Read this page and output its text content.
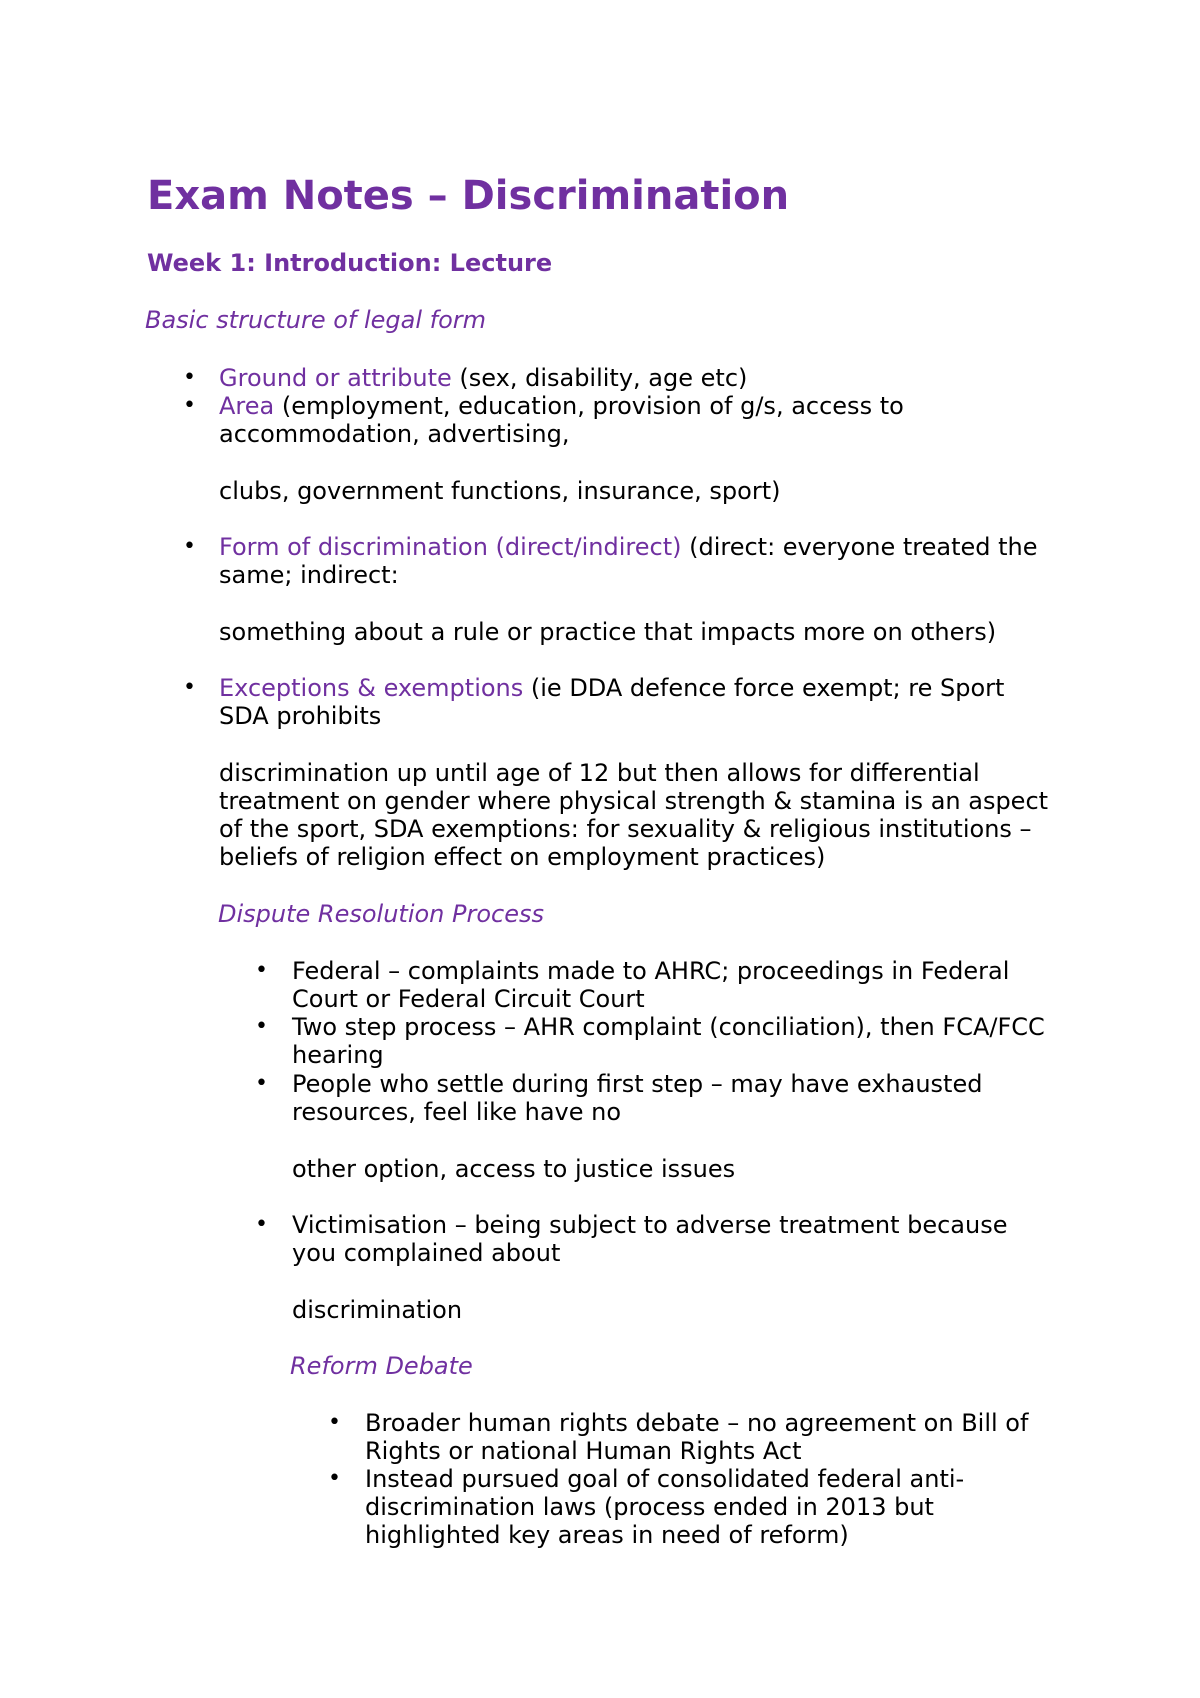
Exam Notes – Discrimination
Week 1: Introduction: Lecture
Basic structure of legal form
• Ground or attribute (sex, disability, age etc)
• Area (employment, education, provision of g/s, access to
accommodation, advertising,
clubs, government functions, insurance, sport)
• Form of discrimination (direct/indirect) (direct: everyone treated the
same; indirect:
something about a rule or practice that impacts more on others)
• Exceptions & exemptions (ie DDA defence force exempt; re Sport
SDA prohibits
discrimination up until age of 12 but then allows for differential
treatment on gender where physical strength & stamina is an aspect
of the sport, SDA exemptions: for sexuality & religious institutions –
beliefs of religion effect on employment practices)
Dispute Resolution Process
• Federal – complaints made to AHRC; proceedings in Federal
Court or Federal Circuit Court
• Two step process – AHR complaint (conciliation), then FCA/FCC
hearing
• People who settle during first step – may have exhausted
resources, feel like have no
other option, access to justice issues
• Victimisation – being subject to adverse treatment because
you complained about
discrimination
Reform Debate
• Broader human rights debate – no agreement on Bill of
Rights or national Human Rights Act
• Instead pursued goal of consolidated federal anti-
discrimination laws (process ended in 2013 but
highlighted key areas in need of reform)
